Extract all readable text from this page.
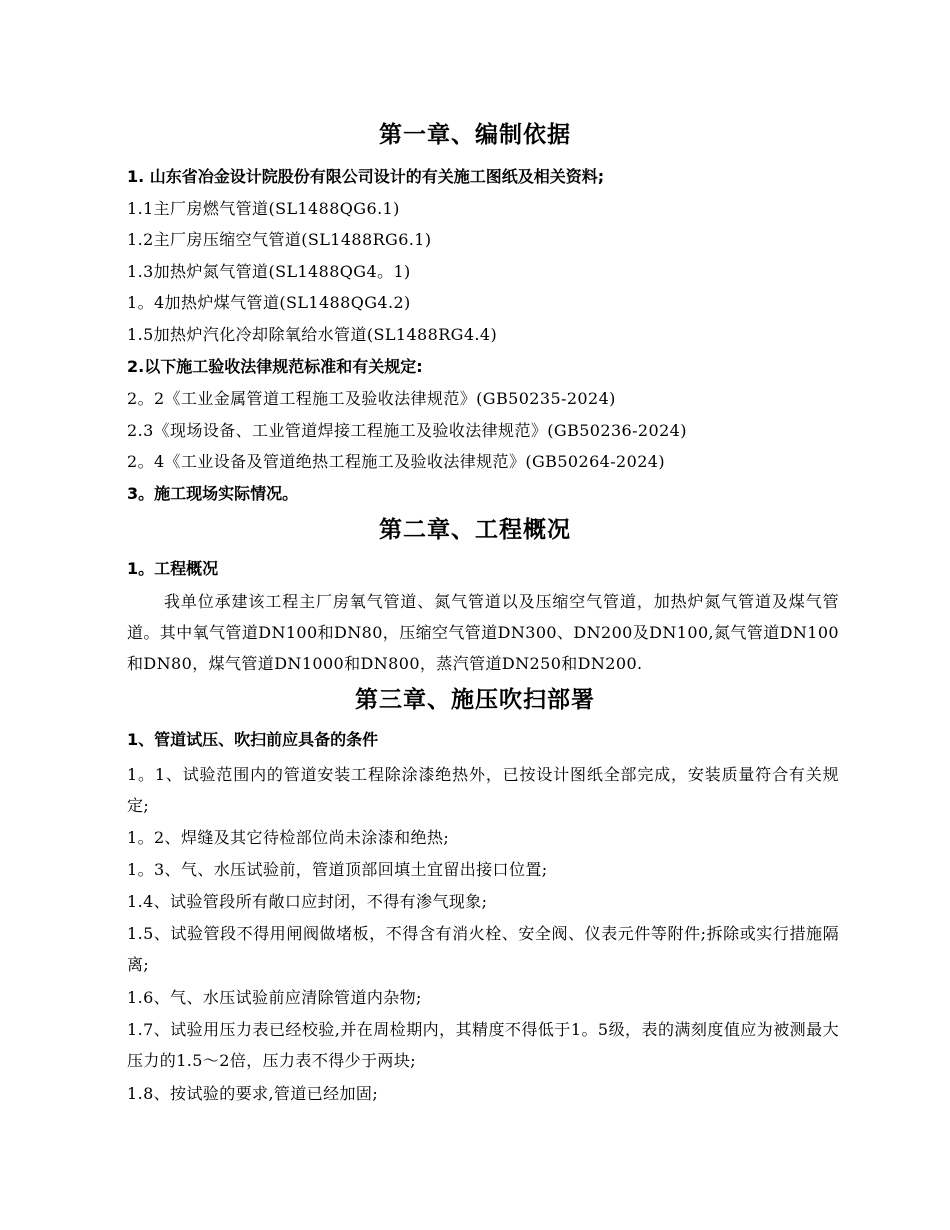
第一章、编制依据

1. 山东省冶金设计院股份有限公司设计的有关施工图纸及相关资料;

1.1主厂房燃气管道(SL1488QG6.1)

1.2主厂房压缩空气管道(SL1488RG6.1)

1.3加热炉氮气管道(SL1488QG4。1)

1。4加热炉煤气管道(SL1488QG4.2)

1.5加热炉汽化冷却除氧给水管道(SL1488RG4.4)

2.以下施工验收法律规范标准和有关规定:

2。2《工业金属管道工程施工及验收法律规范》(GB50235-2024)

2.3《现场设备、工业管道焊接工程施工及验收法律规范》(GB50236-2024)

2。4《工业设备及管道绝热工程施工及验收法律规范》(GB50264-2024)

3。施工现场实际情况。

第二章、工程概况

1。工程概况

我单位承建该工程主厂房氧气管道、氮气管道以及压缩空气管道，加热炉氮气管道及煤气管道。其中氧气管道DN100和DN80，压缩空气管道DN300、DN200及DN100,氮气管道DN100和DN80，煤气管道DN1000和DN800，蒸汽管道DN250和DN200.

第三章、施压吹扫部署

1、管道试压、吹扫前应具备的条件

1。1、试验范围内的管道安装工程除涂漆绝热外，已按设计图纸全部完成，安装质量符合有关规定;

1。2、焊缝及其它待检部位尚未涂漆和绝热;

1。3、气、水压试验前，管道顶部回填土宜留出接口位置;

1.4、试验管段所有敞口应封闭，不得有渗气现象;

1.5、试验管段不得用闸阀做堵板，不得含有消火栓、安全阀、仪表元件等附件;拆除或实行措施隔离;

1.6、气、水压试验前应清除管道内杂物;

1.7、试验用压力表已经校验,并在周检期内，其精度不得低于1。5级，表的满刻度值应为被测最大压力的1.5～2倍，压力表不得少于两块;

1.8、按试验的要求,管道已经加固;
